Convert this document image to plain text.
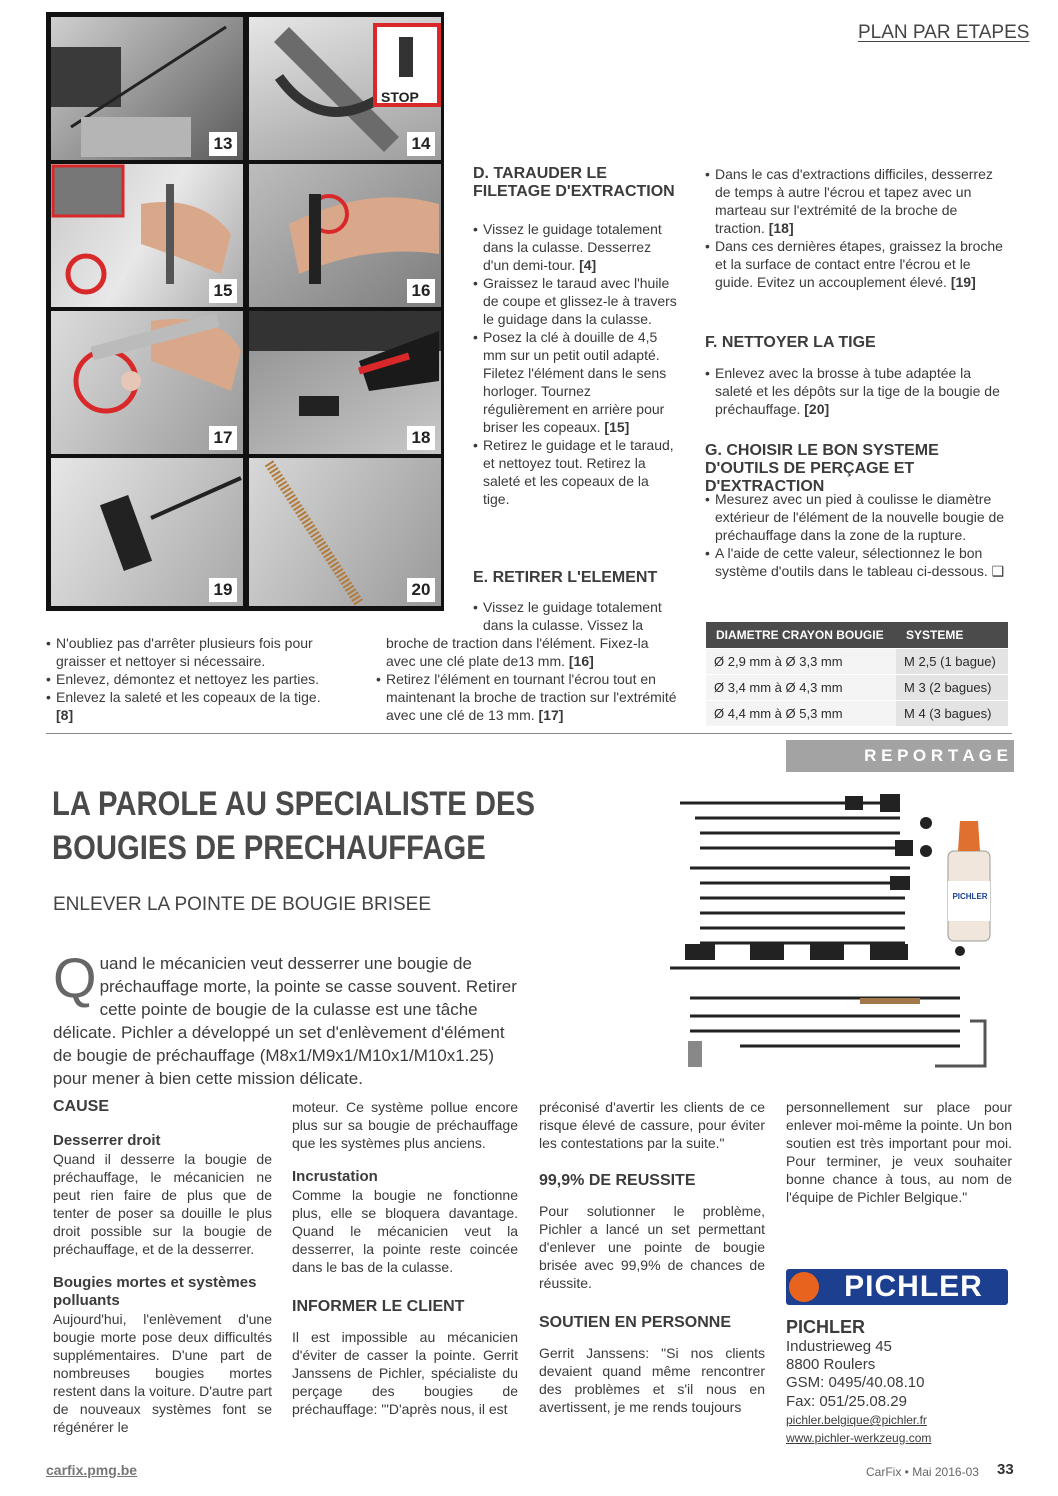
PLAN PAR ETAPES
13
STOP
14
15	16
17	18
19	20
• N'oubliez pas d'arrêter plusieurs fois pour graisser et nettoyer si nécessaire.
• Enlevez, démontez et nettoyez les parties.
• Enlevez la saleté et les copeaux de la tige.
[8]
D. TARAUDER LE FILETAGE D'EXTRACTION
• Vissez le guidage totalement dans la culasse. Desserrez d'un demi-tour. [4]
• Graissez le taraud avec l'huile de coupe et glissez-le à travers le guidage dans la culasse.
• Posez la clé à douille de 4,5 mm sur un petit outil adapté. Filetez l'élément dans le sens horloger. Tournez régulièrement en arrière pour briser les copeaux. [15]
• Retirez le guidage et le taraud, et nettoyez tout. Retirez la saleté et les copeaux de la tige.
E. RETIRER L'ELEMENT
• Vissez le guidage totalement dans la culasse. Vissez la
broche de traction dans l'élément. Fixez-la avec une clé plate de13 mm. [16]
• Retirez l'élément en tournant l'écrou tout en maintenant la broche de traction sur l'extrémité avec une clé de 13 mm. [17]
• Dans le cas d'extractions difficiles, desserrez de temps à autre l'écrou et tapez avec un marteau sur l'extrémité de la broche de traction. [18]
• Dans ces dernières étapes, graissez la broche et la surface de contact entre l'écrou et le guide. Evitez un accouplement élevé. [19]
F. NETTOYER LA TIGE
• Enlevez avec la brosse à tube adaptée la saleté et les dépôts sur la tige de la bougie de préchauffage. [20]
G. CHOISIR LE BON SYSTEME D'OUTILS DE PERÇAGE ET D'EXTRACTION
• Mesurez avec un pied à coulisse le diamètre extérieur de l'élément de la nouvelle bougie de préchauffage dans la zone de la rupture.
• A l'aide de cette valeur, sélectionnez le bon système d'outils dans le tableau ci-dessous. ❑
DIAMETRE CRAYON BOUGIE	SYSTEME
Ø 2,9 mm à Ø 3,3 mm	M 2,5 (1 bague)
Ø 3,4 mm à Ø 4,3 mm	M 3 (2 bagues)
Ø 4,4 mm à Ø 5,3 mm	M 4 (3 bagues)
R E P O R T A G E
LA PAROLE AU SPECIALISTE DES
BOUGIES DE PRECHAUFFAGE
ENLEVER LA POINTE DE BOUGIE BRISEE
Quand le mécanicien veut desserrer une bougie de préchauffage morte, la pointe se casse souvent. Retirer cette pointe de bougie de la culasse est une tâche délicate. Pichler a développé un set d'enlèvement d'élément de bougie de préchauffage (M8x1/M9x1/M10x1/M10x1.25) pour mener à bien cette mission délicate.
PICHLER
CAUSE
Desserrer droit
Quand il desserre la bougie de préchauffage, le mécanicien ne peut rien faire de plus que de tenter de poser sa douille le plus droit possible sur la bougie de préchauffage, et de la desserrer.
Bougies mortes et systèmes polluants
Aujourd'hui, l'enlèvement d'une bougie morte pose deux difficultés supplémentaires. D'une part de nombreuses bougies mortes restent dans la voiture. D'autre part de nouveaux systèmes font se régénérer le
moteur. Ce système pollue encore plus sur sa bougie de préchauffage que les systèmes plus anciens.
Incrustation
Comme la bougie ne fonctionne plus, elle se bloquera davantage. Quand le mécanicien veut la desserrer, la pointe reste coincée dans le bas de la culasse.
INFORMER LE CLIENT
Il est impossible au mécanicien d'éviter de casser la pointe. Gerrit Janssens de Pichler, spécialiste du perçage des bougies de préchauffage: '"D'après nous, il est
préconisé d'avertir les clients de ce risque élevé de cassure, pour éviter les contestations par la suite."
99,9% DE REUSSITE
Pour solutionner le problème, Pichler a lancé un set permettant d'enlever une pointe de bougie brisée avec 99,9% de chances de réussite.
SOUTIEN EN PERSONNE
Gerrit Janssens: "Si nos clients devaient quand même rencontrer des problèmes et s'il nous en avertissent, je me rends toujours
personnellement sur place pour enlever moi-même la pointe. Un bon soutien est très important pour moi. Pour terminer, je veux souhaiter bonne chance à tous, au nom de l'équipe de Pichler Belgique."
PICHLER
PICHLER
Industrieweg 45
8800 Roulers
GSM: 0495/40.08.10
Fax: 051/25.08.29
pichler.belgique@pichler.fr
www.pichler-werkzeug.com
carfix.pmg.be	CarFix • Mai 2016-03 33
